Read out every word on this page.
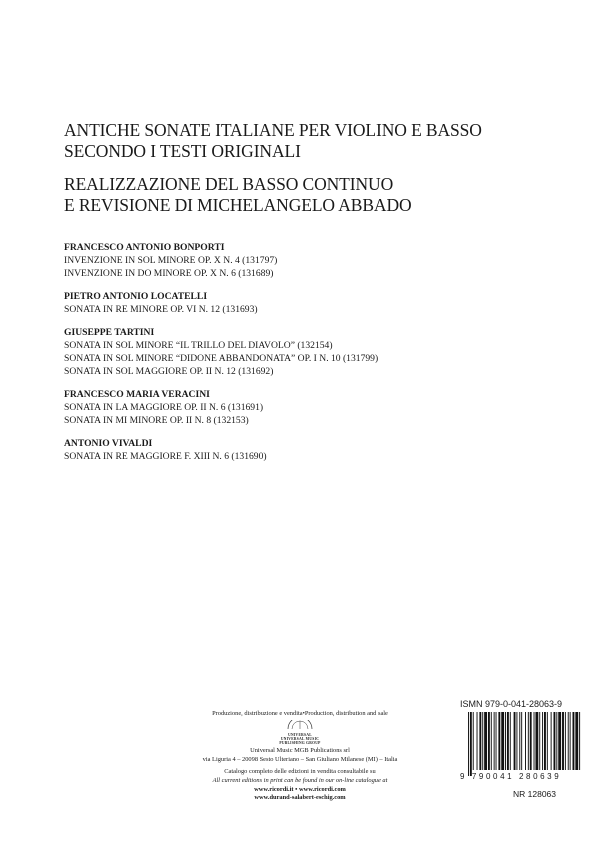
ANTICHE SONATE ITALIANE PER VIOLINO E BASSO
SECONDO I TESTI ORIGINALI
REALIZZAZIONE DEL BASSO CONTINUO
E REVISIONE DI MICHELANGELO ABBADO
FRANCESCO ANTONIO BONPORTI
INVENZIONE IN SOL MINORE OP. X N. 4 (131797)
INVENZIONE IN DO MINORE OP. X N. 6 (131689)
PIETRO ANTONIO LOCATELLI
SONATA IN RE MINORE OP. VI N. 12 (131693)
GIUSEPPE TARTINI
SONATA IN SOL MINORE “IL TRILLO DEL DIAVOLO” (132154)
SONATA IN SOL MINORE “DIDONE ABBANDONATA” OP. I N. 10 (131799)
SONATA IN SOL MAGGIORE OP. II N. 12 (131692)
FRANCESCO MARIA VERACINI
SONATA IN LA MAGGIORE OP. II N. 6 (131691)
SONATA IN MI MINORE OP. II N. 8 (132153)
ANTONIO VIVALDI
SONATA IN RE MAGGIORE F. XIII N. 6 (131690)
Produzione, distribuzione e vendita•Production, distribution and sale
UNIVERSAL
UNIVERSAL MUSIC
PUBLISHING GROUP
Universal Music MGB Publications srl
via Liguria 4 – 20098 Sesto Ulteriano – San Giuliano Milanese (MI) – Italia
Catalogo completo delle edizioni in vendita consultabile su
All current editions in print can be found in our on-line catalogue at
www.ricordi.it • www.ricordi.com
www.durand-salabert-eschig.com
ISMN 979-0-041-28063-9
9 790041 280639
NR 128063
